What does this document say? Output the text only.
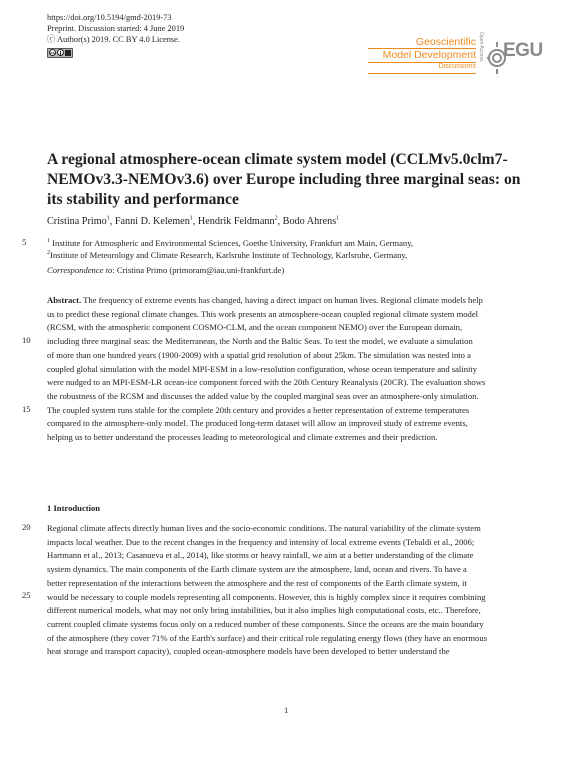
https://doi.org/10.5194/gmd-2019-73
Preprint. Discussion started: 4 June 2019
ⓒ Author(s) 2019. CC BY 4.0 License.
cc
Geoscientific
Model Development
Discussions
Open Access EGU
A regional atmosphere-ocean climate system model (CCLMv5.0clm7-NEMOv3.3-NEMOv3.6) over Europe including three marginal seas: on its stability and performance
Cristina Primo$^1$, Fanni D. Kelemen$^1$, Hendrik Feldmann$^2$, Bodo Ahrens$^1$
$^1$ Institute for Atmospheric and Environmental Sciences, Goethe University, Frankfurt am Main, Germany,
$^2$Institute of Meteorology and Climate Research, Karlsruhe Institute of Technology, Karlsruhe, Germany,
Correspondence to: Cristina Primo (primoram@iau.uni-frankfurt.de)
Abstract. The frequency of extreme events has changed, having a direct impact on human lives. Regional climate models help
us to predict these regional climate changes. This work presents an atmosphere-ocean coupled regional climate system model
(RCSM, with the atmospheric component COSMO-CLM, and the ocean component NEMO) over the European domain,
including three marginal seas: the Mediterranean, the North and the Baltic Seas. To test the model, we evaluate a simulation
of more than one hundred years (1900-2009) with a spatial grid resolution of about 25km. The simulation was nested into a
coupled global simulation with the model MPI-ESM in a low-resolution configuration, whose ocean temperature and salinity
were nudged to an MPI-ESM-LR ocean-ice component forced with the 20th Century Reanalysis (20CR). The evaluation shows
the robustness of the RCSM and discusses the added value by the coupled marginal seas over an atmosphere-only simulation.
The coupled system runs stable for the complete 20th century and provides a better representation of extreme temperatures
compared to the atmosphere-only model. The produced long-term dataset will allow an improved study of extreme events,
helping us to better understand the processes leading to meteorological and climate extremes and their prediction.
1 Introduction
Regional climate affects directly human lives and the socio-economic conditions. The natural variability of the climate system
impacts local weather. Due to the recent changes in the frequency and intensity of local extreme events (Tebaldi et al., 2006;
Hartmann et al., 2013; Casanueva et al., 2014), like storms or heavy rainfall, we aim at a better understanding of the climate
system dynamics. The main components of the Earth climate system are the atmosphere, land, ocean and rivers. To have a
better representation of the interactions between the atmosphere and the rest of components of the Earth climate system, it
would be necessary to couple models representing all components. However, this is highly complex since it requires combining
different numerical models, what may not only bring instabilities, but it also implies high computational costs, etc.. Therefore,
current coupled climate systems focus only on a reduced number of these components. Since the oceans are the main boundary
of the atmosphere (they cover 71% of the Earth's surface) and their critical role regulating energy flows (they have an enormous
heat storage and transport capacity), coupled ocean-atmosphere models have been developed to better understand the
5
10
15
20
25
1
